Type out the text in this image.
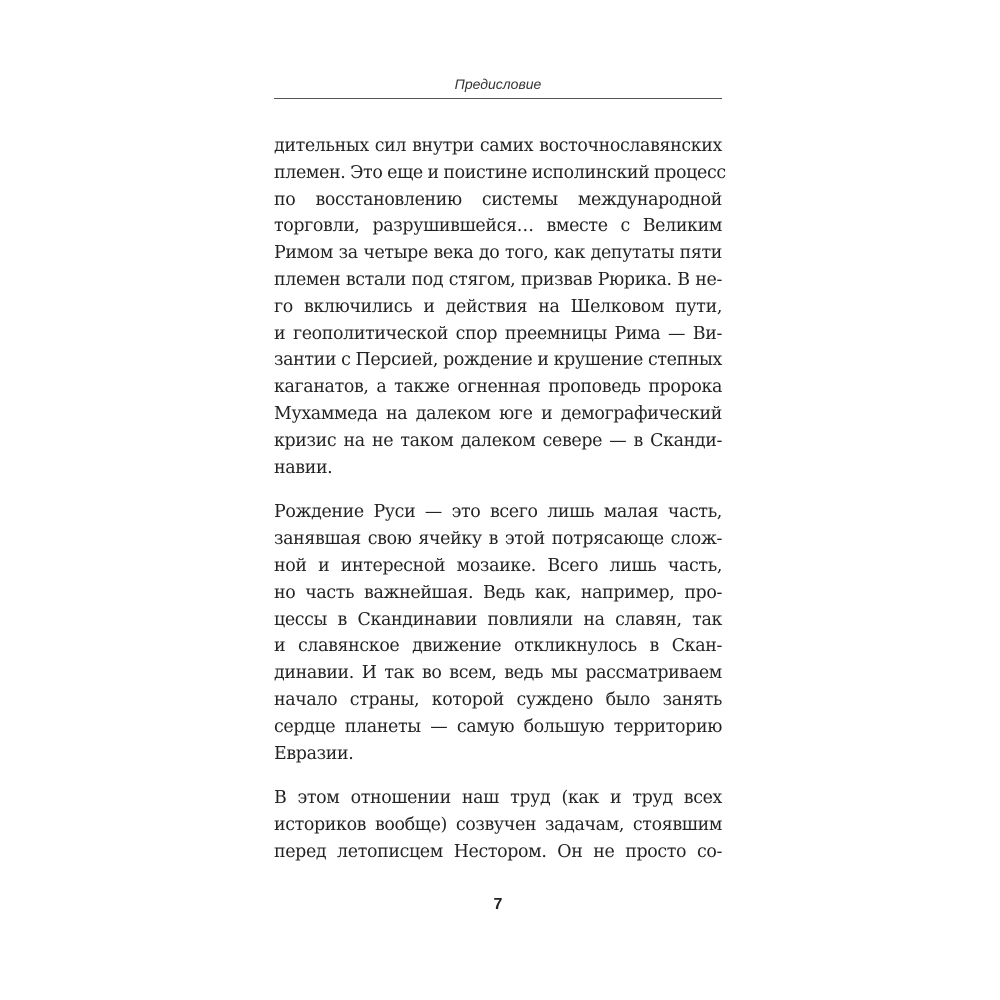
Предисловие

дительных сил внутри самих восточнославянских
племен. Это еще и поистине исполинский процесс
по восстановлению системы международной
торговли, разрушившейся… вместе с Великим
Римом за четыре века до того, как депутаты пяти
племен встали под стягом, призвав Рюрика. В не-
го включились и действия на Шелковом пути,
и геополитической спор преемницы Рима — Ви-
зантии с Персией, рождение и крушение степных
каганатов, а также огненная проповедь пророка
Мухаммеда на далеком юге и демографический
кризис на не таком далеком севере — в Сканди-
навии.

Рождение Руси — это всего лишь малая часть,
занявшая свою ячейку в этой потрясающе слож-
ной и интересной мозаике. Всего лишь часть,
но часть важнейшая. Ведь как, например, про-
цессы в Скандинавии повлияли на славян, так
и славянское движение откликнулось в Скан-
динавии. И так во всем, ведь мы рассматриваем
начало страны, которой суждено было занять
сердце планеты — самую большую территорию
Евразии.

В этом отношении наш труд (как и труд всех
историков вообще) созвучен задачам, стоявшим
перед летописцем Нестором. Он не просто со-

7
